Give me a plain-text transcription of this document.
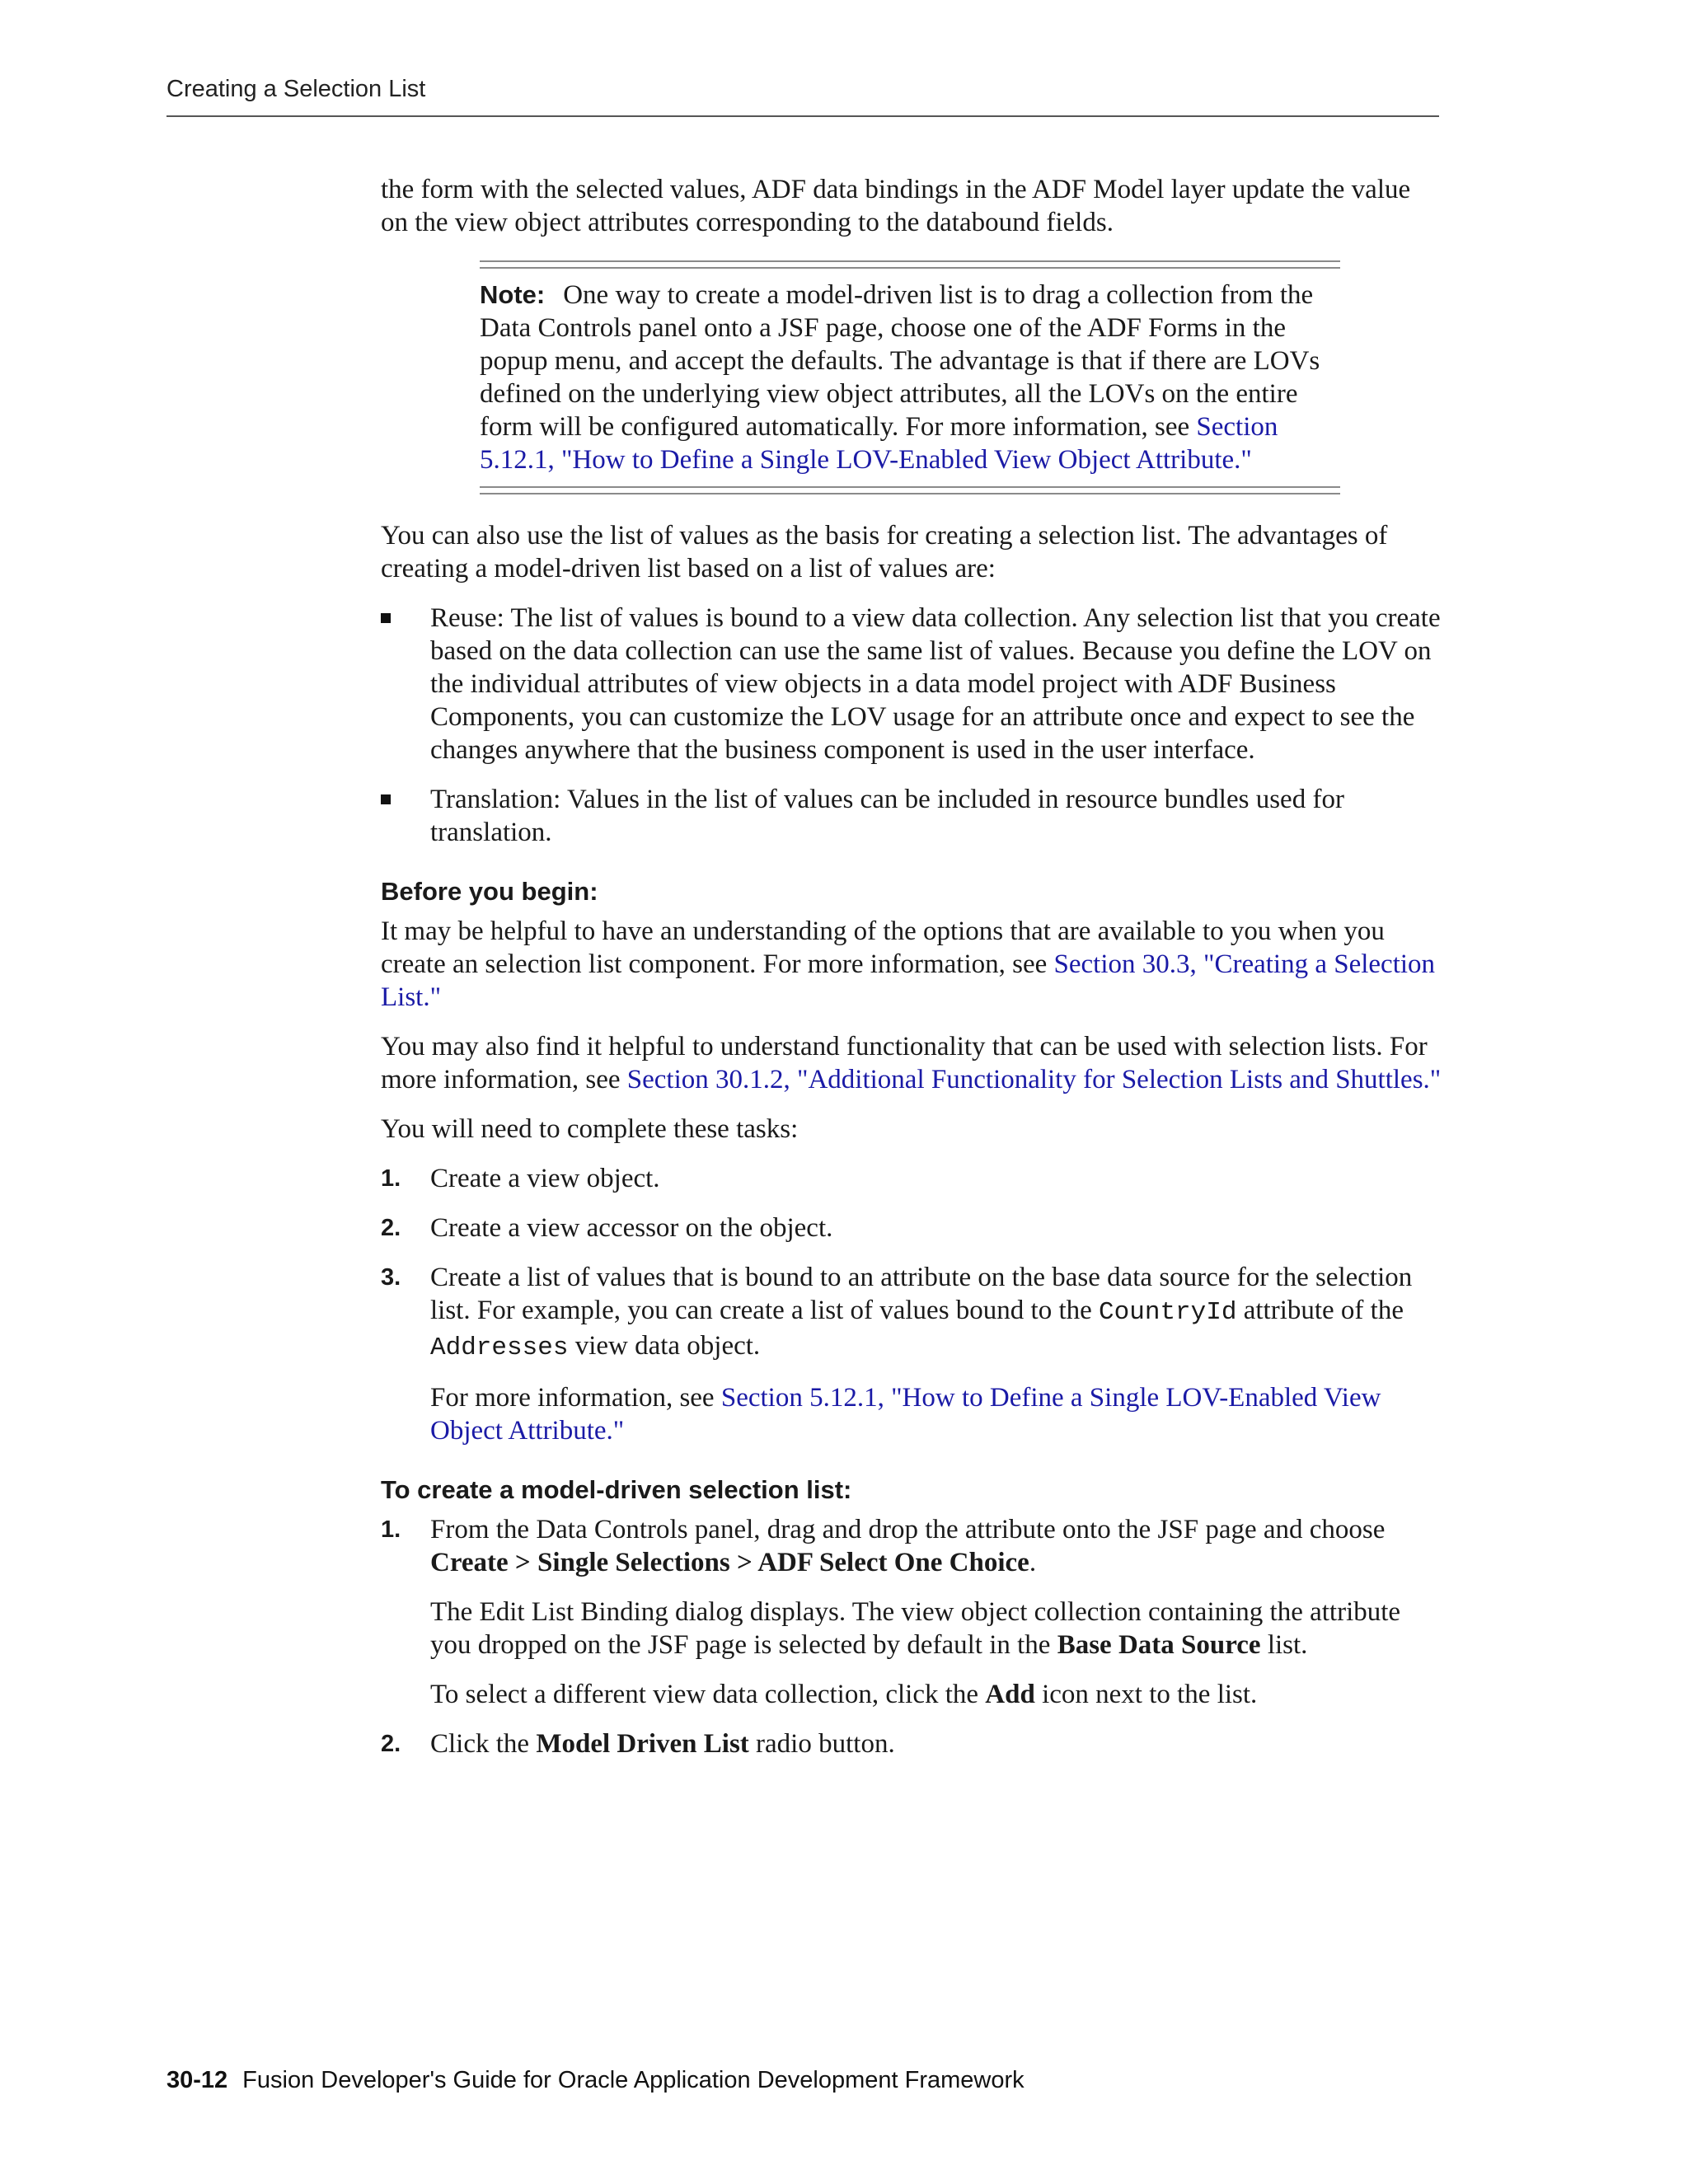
Creating a Selection List

the form with the selected values, ADF data bindings in the ADF Model layer update the value on the view object attributes corresponding to the databound fields.

Note: One way to create a model-driven list is to drag a collection from the Data Controls panel onto a JSF page, choose one of the ADF Forms in the popup menu, and accept the defaults. The advantage is that if there are LOVs defined on the underlying view object attributes, all the LOVs on the entire form will be configured automatically. For more information, see Section 5.12.1, "How to Define a Single LOV-Enabled View Object Attribute."

You can also use the list of values as the basis for creating a selection list. The advantages of creating a model-driven list based on a list of values are:

Reuse: The list of values is bound to a view data collection. Any selection list that you create based on the data collection can use the same list of values. Because you define the LOV on the individual attributes of view objects in a data model project with ADF Business Components, you can customize the LOV usage for an attribute once and expect to see the changes anywhere that the business component is used in the user interface.
Translation: Values in the list of values can be included in resource bundles used for translation.
Before you begin:

It may be helpful to have an understanding of the options that are available to you when you create an selection list component. For more information, see Section 30.3, "Creating a Selection List."

You may also find it helpful to understand functionality that can be used with selection lists. For more information, see Section 30.1.2, "Additional Functionality for Selection Lists and Shuttles."

You will need to complete these tasks:

1. Create a view object.
2. Create a view accessor on the object.
3. Create a list of values that is bound to an attribute on the base data source for the selection list. For example, you can create a list of values bound to the CountryId attribute of the Addresses view data object.

For more information, see Section 5.12.1, "How to Define a Single LOV-Enabled View Object Attribute."

To create a model-driven selection list:
1. From the Data Controls panel, drag and drop the attribute onto the JSF page and choose Create > Single Selections > ADF Select One Choice.

The Edit List Binding dialog displays. The view object collection containing the attribute you dropped on the JSF page is selected by default in the Base Data Source list.

To select a different view data collection, click the Add icon next to the list.

2. Click the Model Driven List radio button.
30-12 Fusion Developer's Guide for Oracle Application Development Framework
